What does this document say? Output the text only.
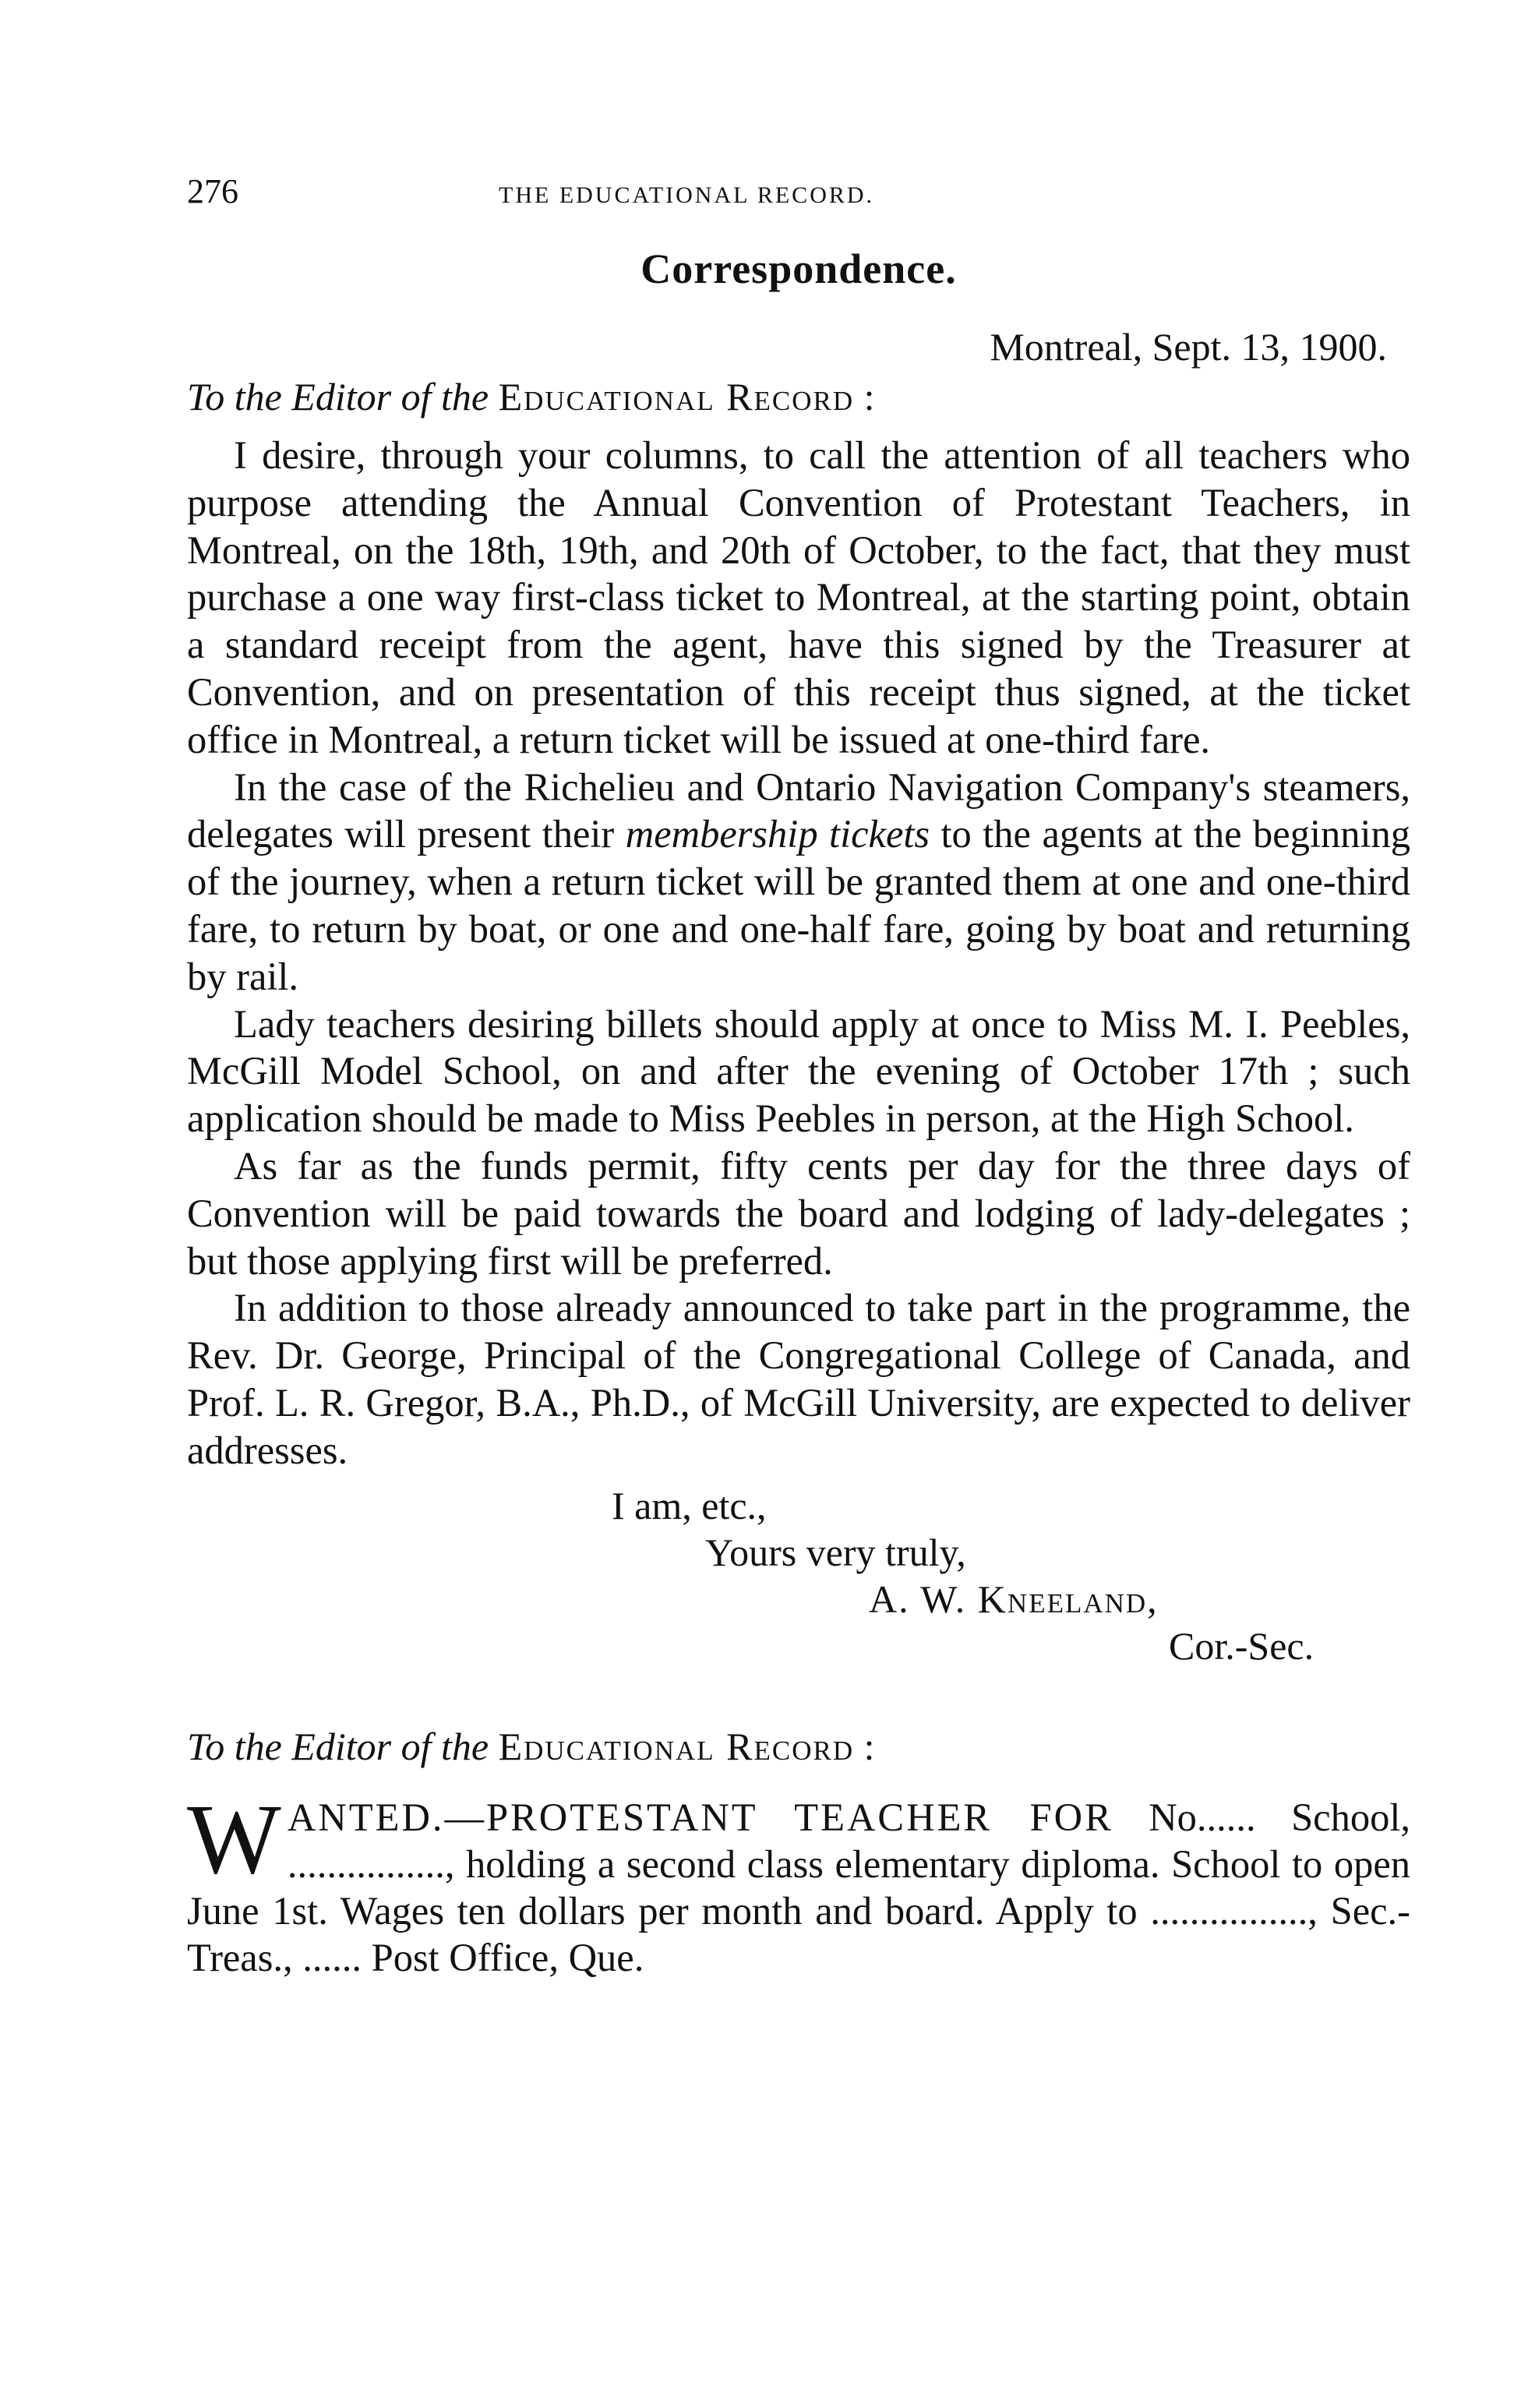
276	THE EDUCATIONAL RECORD.
Correspondence.
Montreal, Sept. 13, 1900.
To the Editor of the Educational Record :

I desire, through your columns, to call the attention of all teachers who purpose attending the Annual Convention of Protestant Teachers, in Montreal, on the 18th, 19th, and 20th of October, to the fact, that they must purchase a one way first-class ticket to Montreal, at the starting point, obtain a standard receipt from the agent, have this signed by the Treasurer at Convention, and on presentation of this receipt thus signed, at the ticket office in Montreal, a return ticket will be issued at one-third fare.

In the case of the Richelieu and Ontario Navigation Company's steamers, delegates will present their membership tickets to the agents at the beginning of the journey, when a return ticket will be granted them at one and one-third fare, to return by boat, or one and one-half fare, going by boat and returning by rail.

Lady teachers desiring billets should apply at once to Miss M. I. Peebles, McGill Model School, on and after the evening of October 17th ; such application should be made to Miss Peebles in person, at the High School.

As far as the funds permit, fifty cents per day for the three days of Convention will be paid towards the board and lodging of lady-delegates ; but those applying first will be preferred.

In addition to those already announced to take part in the programme, the Rev. Dr. George, Principal of the Congregational College of Canada, and Prof. L. R. Gregor, B.A., Ph.D., of McGill University, are expected to deliver addresses.

I am, etc.,
Yours very truly,
A. W. Kneeland,
Cor.-Sec.
To the Editor of the Educational Record :
WANTED.—PROTESTANT TEACHER FOR No...... School, ................, holding a second class elementary diploma. School to open June 1st. Wages ten dollars per month and board. Apply to ................, Sec.-Treas., ...... Post Office, Que.
